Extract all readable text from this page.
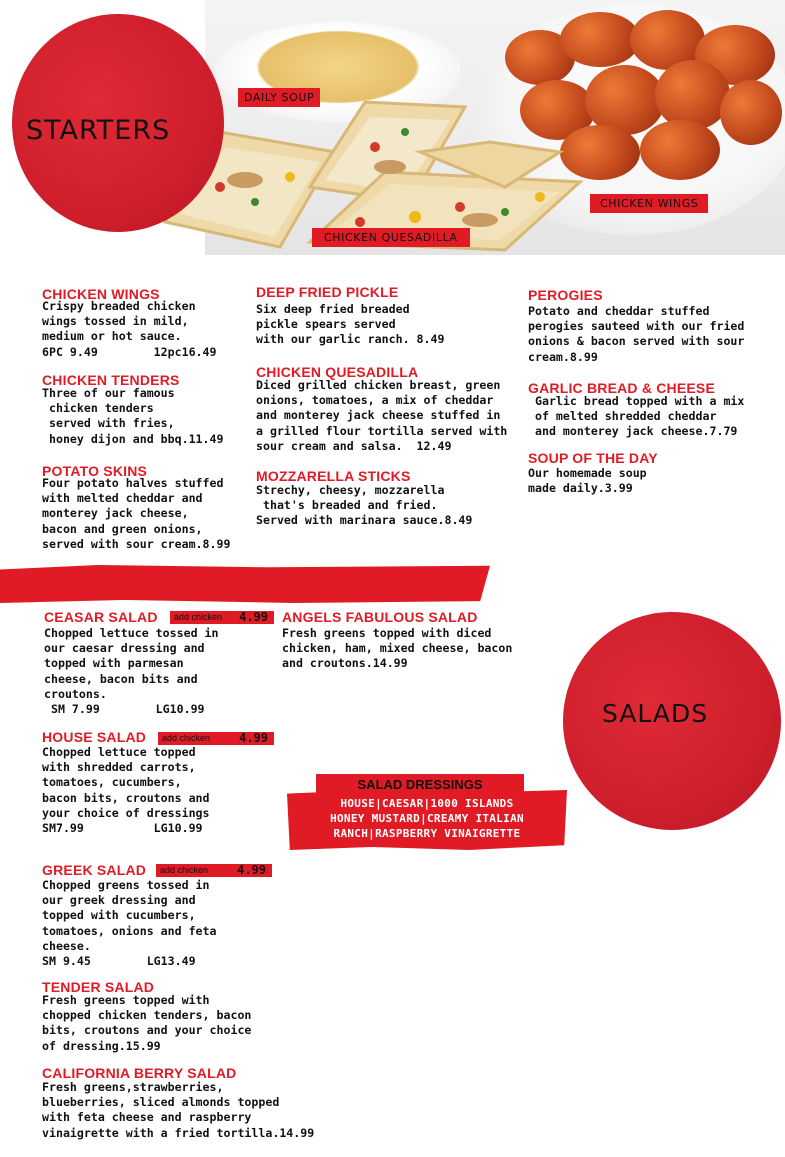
STARTERS
DAILY SOUP
CHICKEN WINGS
CHICKEN QUESADILLA
CHICKEN WINGS
Crispy breaded chicken
wings tossed in mild,
medium or hot sauce.
6PC 9.49        12pc16.49
CHICKEN TENDERS
Three of our famous
chicken tenders
served with fries,
honey dijon and bbq.11.49
POTATO SKINS
Four potato halves stuffed
with melted cheddar and
monterey jack cheese,
bacon and green onions,
served with sour cream.8.99
DEEP FRIED PICKLE
Six deep fried breaded
pickle spears served
with our garlic ranch. 8.49
CHICKEN QUESADILLA
Diced grilled chicken breast, green
onions, tomatoes, a mix of cheddar
and monterey jack cheese stuffed in
a grilled flour tortilla served with
sour cream and salsa.  12.49
MOZZARELLA STICKS
Strechy, cheesy, mozzarella
that's breaded and fried.
Served with marinara sauce.8.49
PEROGIES
Potato and cheddar stuffed
perogies sauteed with our fried
onions & bacon served with sour
cream.8.99
GARLIC BREAD & CHEESE
Garlic bread topped with a mix
of melted shredded cheddar
and monterey jack cheese.7.79
SOUP OF THE DAY
Our homemade soup
made daily.3.99
CEASAR SALAD add chicken 4.99
Chopped lettuce tossed in
our caesar dressing and
topped with parmesan
cheese, bacon bits and
croutons.
SM 7.99        LG10.99
HOUSE SALAD add chicken 4.99
Chopped lettuce topped
with shredded carrots,
tomatoes, cucumbers,
bacon bits, croutons and
your choice of dressings
SM7.99          LG10.99
GREEK SALAD add chicken 4.99
Chopped greens tossed in
our greek dressing and
topped with cucumbers,
tomatoes, onions and feta
cheese.
SM 9.45        LG13.49
TENDER SALAD
Fresh greens topped with
chopped chicken tenders, bacon
bits, croutons and your choice
of dressing.15.99
CALIFORNIA BERRY SALAD
Fresh greens,strawberries,
blueberries, sliced almonds topped
with feta cheese and raspberry
vinaigrette with a fried tortilla.14.99
ANGELS FABULOUS SALAD
Fresh greens topped with diced
chicken, ham, mixed cheese, bacon
and croutons.14.99
SALADS
SALAD DRESSINGS
HOUSE|CAESAR|1000 ISLANDS
HONEY MUSTARD|CREAMY ITALIAN
RANCH|RASPBERRY VINAIGRETTE
